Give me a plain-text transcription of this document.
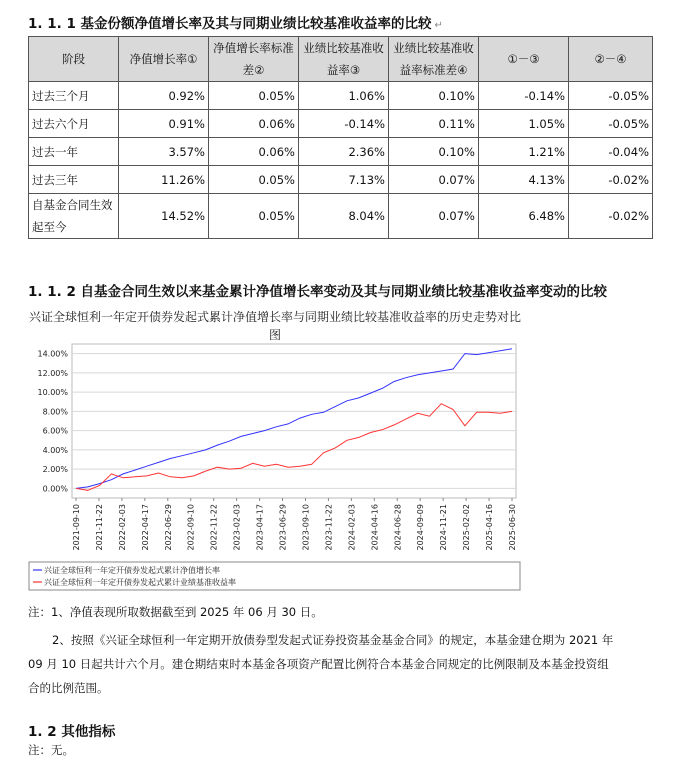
1. 1. 1 基金份额净值增长率及其与同期业绩比较基准收益率的比较 ↵
阶段	净值增长率①	净值增长率标准差②	业绩比较基准收益率③	业绩比较基准收益率标准差④	①－③	②－④
过去三个月	0.92%	0.05%	1.06%	0.10%	-0.14%	-0.05%
过去六个月	0.91%	0.06%	-0.14%	0.11%	1.05%	-0.05%
过去一年	3.57%	0.06%	2.36%	0.10%	1.21%	-0.04%
过去三年	11.26%	0.05%	7.13%	0.07%	4.13%	-0.02%
自基金合同生效起至今	14.52%	0.05%	8.04%	0.07%	6.48%	-0.02%
1. 1. 2 自基金合同生效以来基金累计净值增长率变动及其与同期业绩比较基准收益率变动的比较
兴证全球恒利一年定开债券发起式累计净值增长率与同期业绩比较基准收益率的历史走势对比图
0.00%
2.00%
4.00%
6.00%
8.00%
10.00%
12.00%
14.00%
2021-09-10 2021-11-22 2022-02-03 2022-04-17 2022-06-29 2022-09-10 2022-11-22 2023-02-03 2023-04-17 2023-06-29 2023-09-10 2023-11-22 2024-02-03 2024-04-16 2024-06-28 2024-09-09 2024-11-21 2025-02-02 2025-04-16 2025-06-30
兴证全球恒利一年定开债券发起式累计净值增长率
兴证全球恒利一年定开债券发起式累计业绩基准收益率
注：1、净值表现所取数据截至到 2025 年 06 月 30 日。
2、按照《兴证全球恒利一年定期开放债券型发起式证券投资基金基金合同》的规定，本基金建仓期为 2021 年
09 月 10 日起共计六个月。建仓期结束时本基金各项资产配置比例符合本基金合同规定的比例限制及本基金投资组
合的比例范围。
1. 2 其他指标
注：无。
